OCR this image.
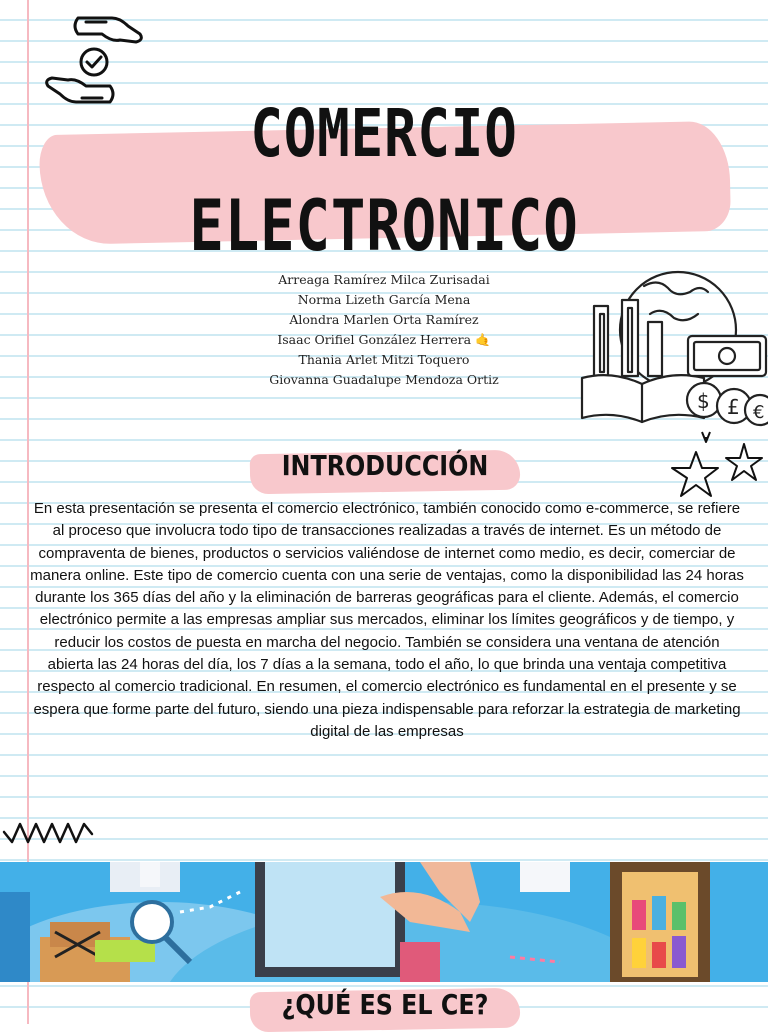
COMERCIO
ELECTRONICO
Arreaga Ramírez Milca Zurisadai
Norma Lizeth García Mena
Alondra Marlen Orta Ramírez
Isaac Orifiel González Herrera 🤙
Thania Arlet Mitzi Toquero
Giovanna Guadalupe Mendoza Ortiz
$ £ €
INTRODUCCIÓN
En esta presentación se presenta el comercio electrónico, también conocido como e-commerce, se refiere al proceso que involucra todo tipo de transacciones realizadas a través de internet. Es un método de compraventa de bienes, productos o servicios valiéndose de internet como medio, es decir, comerciar de manera online. Este tipo de comercio cuenta con una serie de ventajas, como la disponibilidad las 24 horas durante los 365 días del año y la eliminación de barreras geográficas para el cliente. Además, el comercio electrónico permite a las empresas ampliar sus mercados, eliminar los límites geográficos y de tiempo, y reducir los costos de puesta en marcha del negocio. También se considera una ventana de atención abierta las 24 horas del día, los 7 días a la semana, todo el año, lo que brinda una ventaja competitiva respecto al comercio tradicional. En resumen, el comercio electrónico es fundamental en el presente y se espera que forme parte del futuro, siendo una pieza indispensable para reforzar la estrategia de marketing digital de las empresas
¿QUÉ ES EL CE?
